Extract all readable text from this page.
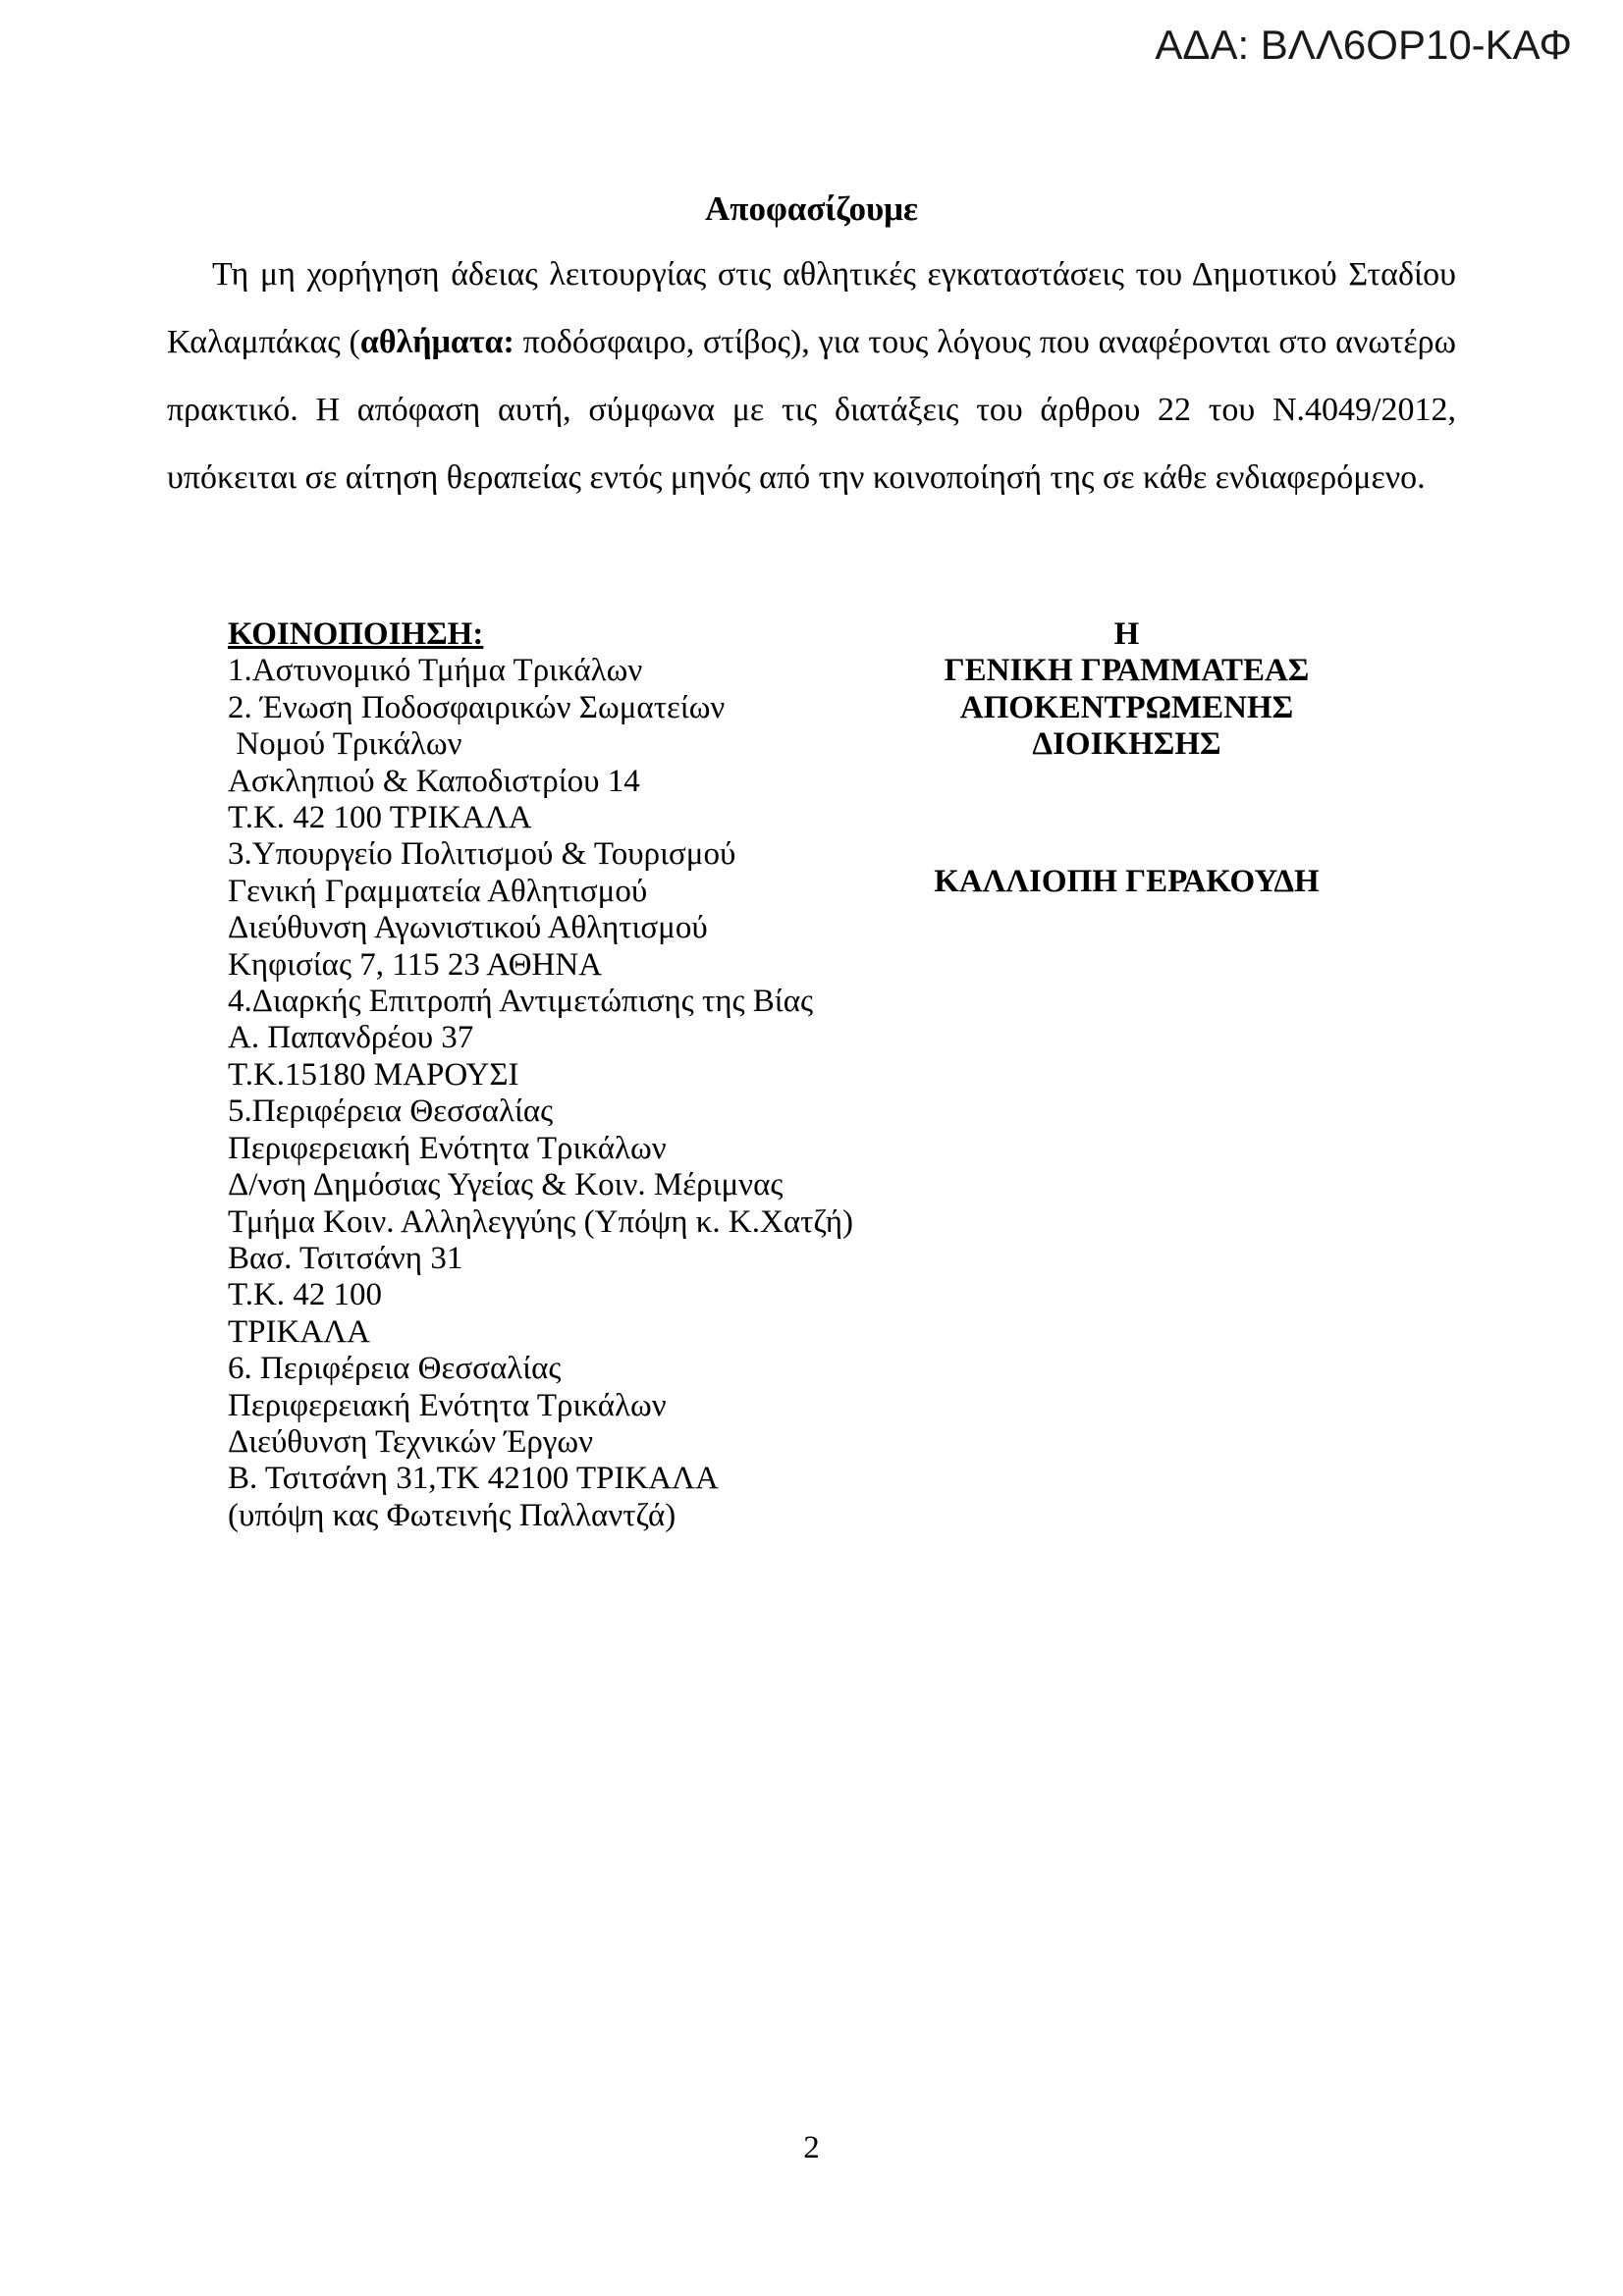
ΑΔΑ: ΒΛΛ6ΟΡ10-ΚΑΦ
Αποφασίζουμε
Τη μη χορήγηση άδειας λειτουργίας στις αθλητικές εγκαταστάσεις του Δημοτικού Σταδίου Καλαμπάκας (αθλήματα: ποδόσφαιρο, στίβος), για τους λόγους που αναφέρονται στο ανωτέρω πρακτικό. Η απόφαση αυτή, σύμφωνα με τις διατάξεις του άρθρου 22 του Ν.4049/2012, υπόκειται σε αίτηση θεραπείας εντός μηνός από την κοινοποίησή της σε κάθε ενδιαφερόμενο.
ΚΟΙΝΟΠΟΙΗΣΗ:
1.Αστυνομικό Τμήμα Τρικάλων
2. Ένωση Ποδοσφαιρικών Σωματείων
Νομού Τρικάλων
Ασκληπιού & Καποδιστρίου 14
Τ.Κ. 42 100 ΤΡΙΚΑΛΑ
3.Υπουργείο Πολιτισμού & Τουρισμού
Γενική Γραμματεία Αθλητισμού
Διεύθυνση Αγωνιστικού Αθλητισμού
Κηφισίας 7, 115 23 ΑΘΗΝΑ
4.Διαρκής Επιτροπή Αντιμετώπισης της Βίας
Α. Παπανδρέου 37
Τ.Κ.15180 ΜΑΡΟΥΣΙ
5.Περιφέρεια Θεσσαλίας
Περιφερειακή Ενότητα Τρικάλων
Δ/νση Δημόσιας Υγείας & Κοιν. Μέριμνας
Τμήμα Κοιν. Αλληλεγγύης (Υπόψη κ. Κ.Χατζή)
Βασ. Τσιτσάνη 31
Τ.Κ. 42 100
ΤΡΙΚΑΛΑ
6. Περιφέρεια Θεσσαλίας
Περιφερειακή Ενότητα Τρικάλων
Διεύθυνση Τεχνικών Έργων
Β. Τσιτσάνη 31,ΤΚ 42100 ΤΡΙΚΑΛΑ
(υπόψη κας Φωτεινής Παλλαντζά)
Η
ΓΕΝΙΚΗ ΓΡΑΜΜΑΤΕΑΣ
ΑΠΟΚΕΝΤΡΩΜΕΝΗΣ
ΔΙΟΙΚΗΣΗΣ
ΚΑΛΛΙΟΠΗ ΓΕΡΑΚΟΥΔΗ
2
